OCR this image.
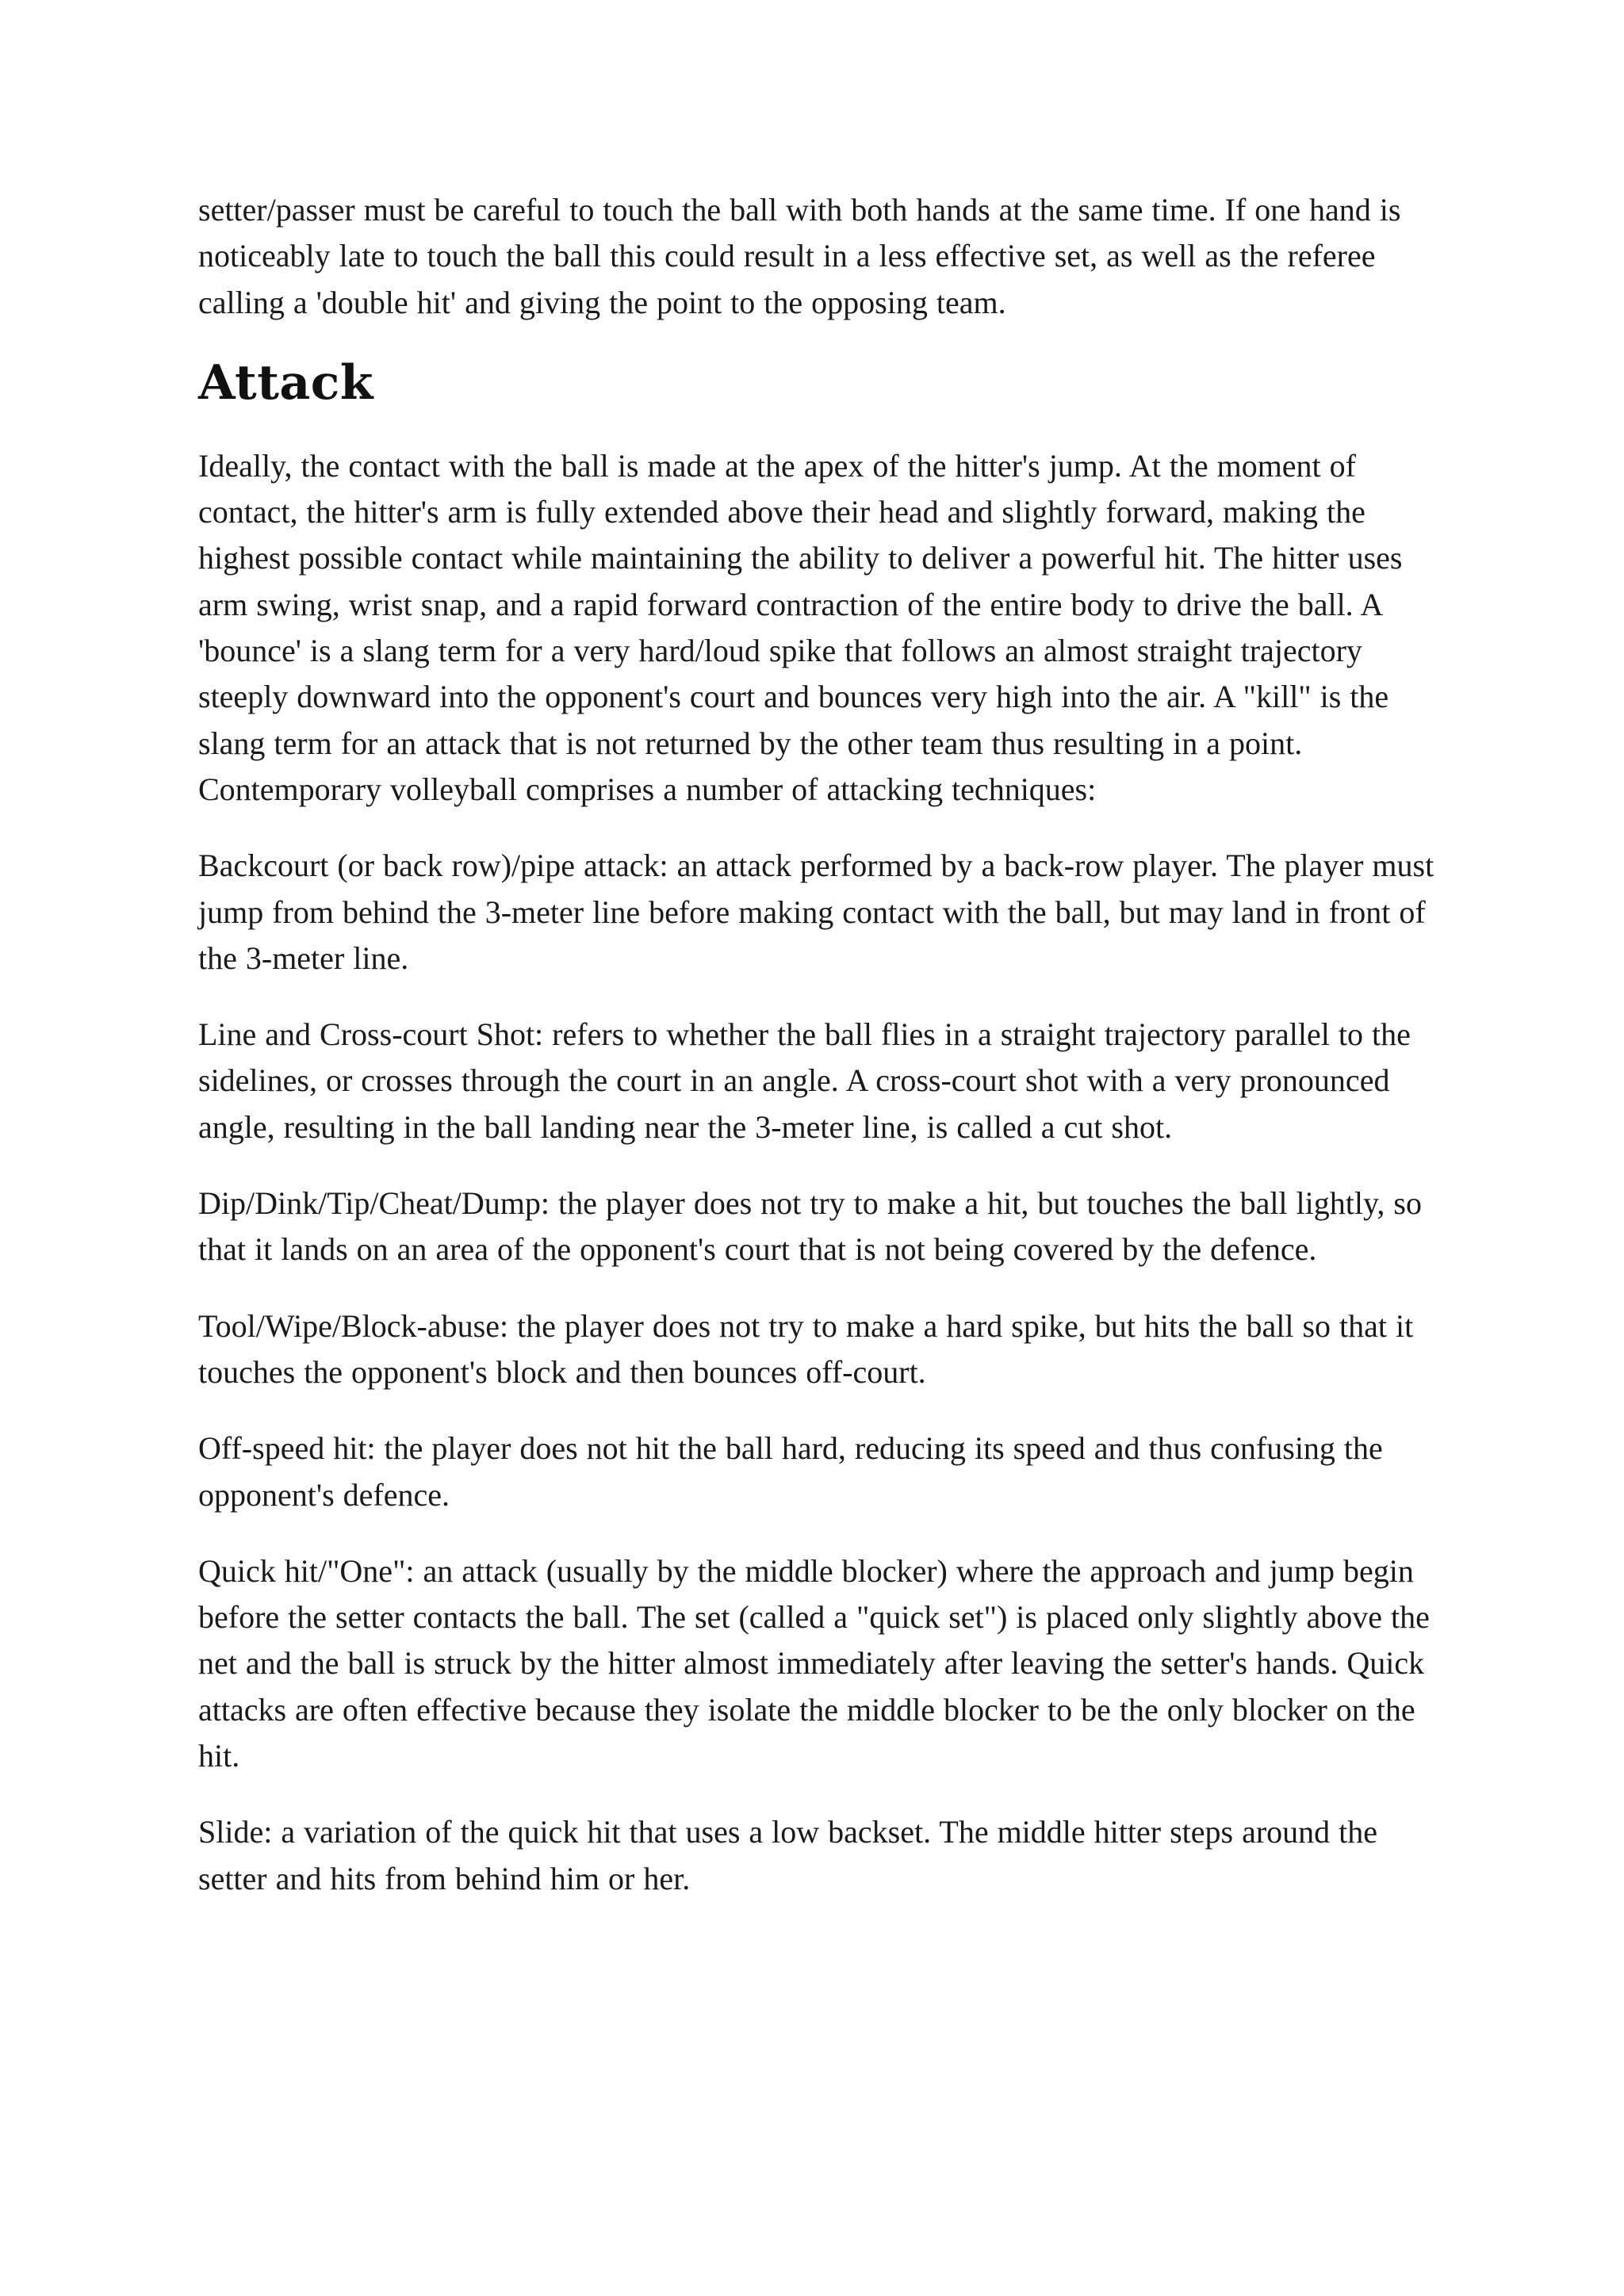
setter/passer must be careful to touch the ball with both hands at the same time. If one hand is noticeably late to touch the ball this could result in a less effective set, as well as the referee calling a 'double hit' and giving the point to the opposing team.

Attack

Ideally, the contact with the ball is made at the apex of the hitter's jump. At the moment of contact, the hitter's arm is fully extended above their head and slightly forward, making the highest possible contact while maintaining the ability to deliver a powerful hit. The hitter uses arm swing, wrist snap, and a rapid forward contraction of the entire body to drive the ball. A 'bounce' is a slang term for a very hard/loud spike that follows an almost straight trajectory steeply downward into the opponent's court and bounces very high into the air. A "kill" is the slang term for an attack that is not returned by the other team thus resulting in a point. Contemporary volleyball comprises a number of attacking techniques:

Backcourt (or back row)/pipe attack: an attack performed by a back-row player. The player must jump from behind the 3-meter line before making contact with the ball, but may land in front of the 3-meter line.

Line and Cross-court Shot: refers to whether the ball flies in a straight trajectory parallel to the sidelines, or crosses through the court in an angle. A cross-court shot with a very pronounced angle, resulting in the ball landing near the 3-meter line, is called a cut shot.

Dip/Dink/Tip/Cheat/Dump: the player does not try to make a hit, but touches the ball lightly, so that it lands on an area of the opponent's court that is not being covered by the defence.

Tool/Wipe/Block-abuse: the player does not try to make a hard spike, but hits the ball so that it touches the opponent's block and then bounces off-court.

Off-speed hit: the player does not hit the ball hard, reducing its speed and thus confusing the opponent's defence.

Quick hit/"One": an attack (usually by the middle blocker) where the approach and jump begin before the setter contacts the ball. The set (called a "quick set") is placed only slightly above the net and the ball is struck by the hitter almost immediately after leaving the setter's hands. Quick attacks are often effective because they isolate the middle blocker to be the only blocker on the hit.

Slide: a variation of the quick hit that uses a low backset. The middle hitter steps around the setter and hits from behind him or her.
